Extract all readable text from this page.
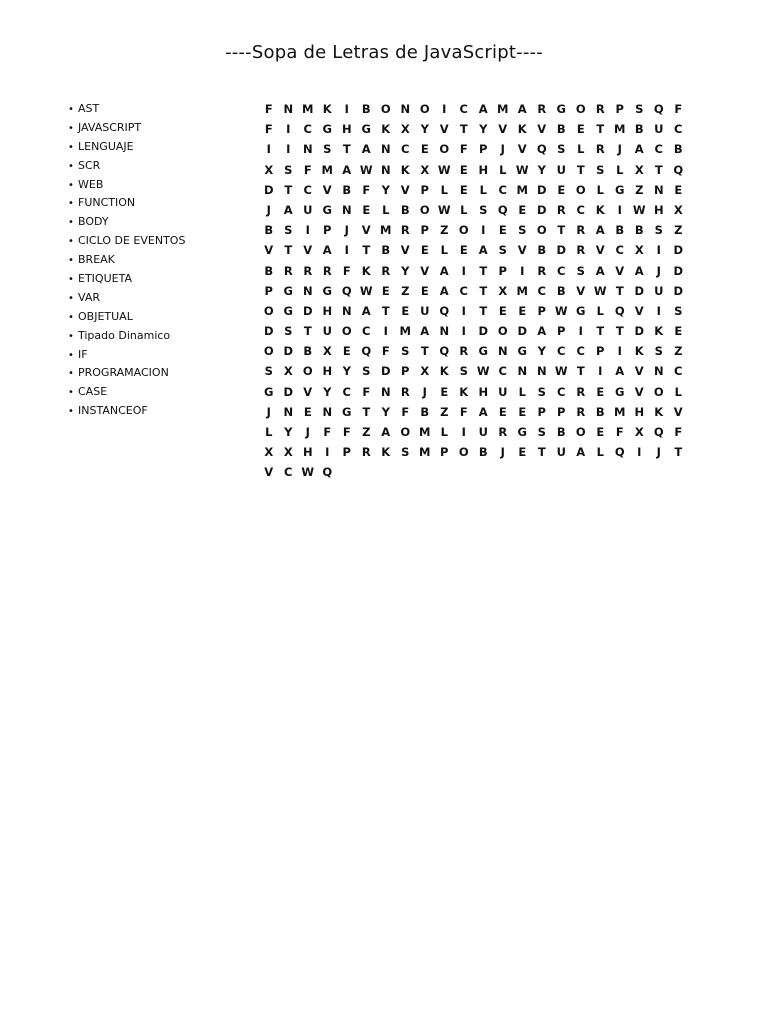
----Sopa de Letras de JavaScript----
• AST
• JAVASCRIPT
• LENGUAJE
• SCR
• WEB
• FUNCTION
• BODY
• CICLO DE EVENTOS
• BREAK
• ETIQUETA
• VAR
• OBJETUAL
• Tipado Dinamico
• IF
• PROGRAMACION
• CASE
• INSTANCEOF
F N M K	I	B O N O	I	C A M A R G O R P S Q F
F	I	C G H G K X Y V T Y V K V B E	T M B U C
I	I	N S T A N C E O F P	J	V Q S	L R	J	A C B
X S F M A W N K X W E H L W Y U T S	L X T Q
D T C V B F Y V P	L	E	L	C M D E O L G Z N E
J	A U G N E	L B O W L	S Q E D R C K	I W H X
B S	I	P	J	V M R P Z O	I	E S O T R A B B S Z
V T V A	I	T B V E	L	E A S V B D R V C X	I	D
B R R R F K R Y V A	I	T P	I	R C S A V A	J	D
P G N G Q W E Z E A C T X M C B V W T D U D
O G D H N A T	E U Q	I	T	E	E P W G L Q V	I	S
D S T U O C	I	M A N	I	D O D A P	I	T	T D K E
O D B X E Q F S T Q R G N G Y C C P	I	K S Z
S X O H Y S D P X K S W C N N W T	I	A V N C
G D V Y C F N R	J	E K H U L	S C R E G V O L
J	N E N G T Y F B Z F A E	E P P R B M H K V
L	Y	J	F	F Z A O M L	I	U R G S B O E	F X Q F
X X H	I	P R K S M P O B	J	E	T U A L Q	I	J	T
V C W Q
